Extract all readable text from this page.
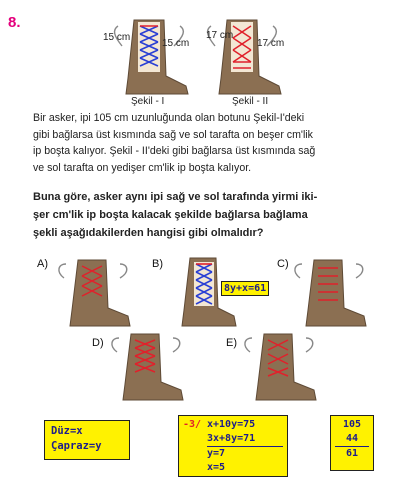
8.
15 cm
15 cm
Şekil - I
17 cm
17 cm
Şekil - II
Bir asker, ipi 105 cm uzunluğunda olan botunu Şekil-I'deki
gibi bağlarsa üst kısmında sağ ve sol tarafta on beşer cm'lik
ip boşta kalıyor. Şekil - II'deki gibi bağlarsa üst kısmında sağ
ve sol tarafta on yedişer cm'lik ip boşta kalıyor.
Buna göre, asker aynı ipi sağ ve sol tarafında yirmi iki-
şer cm'lik ip boşta kalacak şekilde bağlarsa bağlama
şekli aşağıdakilerden hangisi gibi olmalıdır?
A)	B)
8y+x=61
C)
D)	E)
Düz=x
Çapraz=y
-3/ x+10y=75
3x+8y=71
y=7
x=5
105
44
61
